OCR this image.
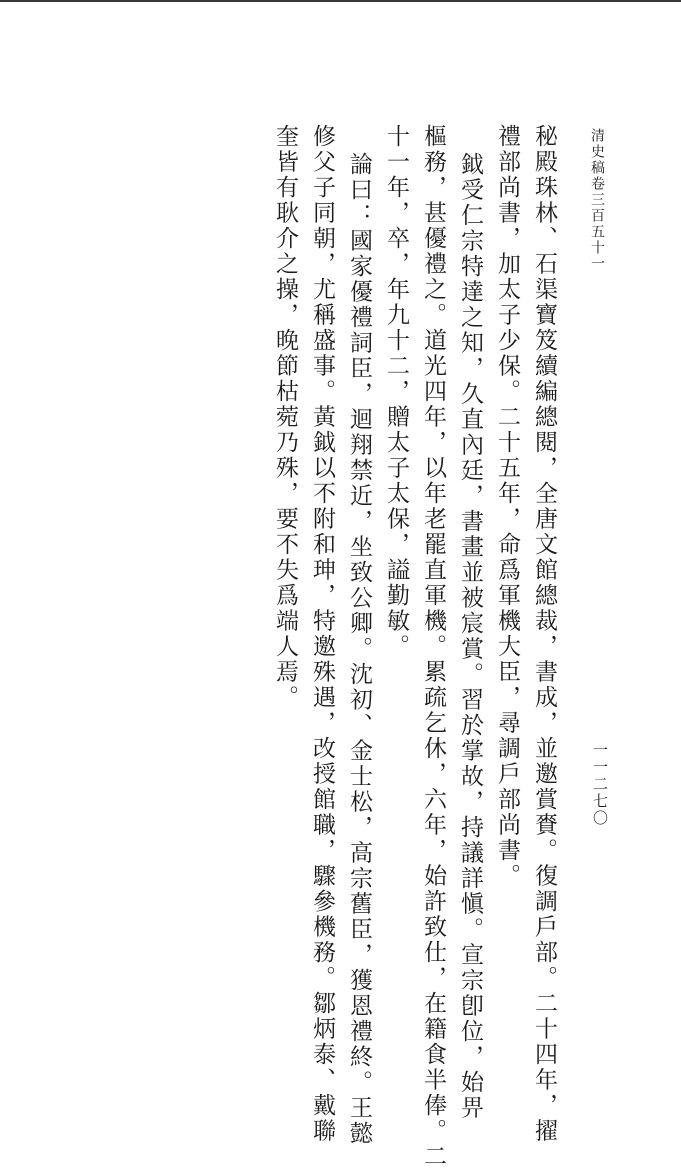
清史稿卷三百五十一
一一二七〇
秘殿珠林、石渠寶笈續編總閱，全唐文館總裁，書成，並邀賞賚。復調戶部。二十四年，擢
禮部尚書，加太子少保。二十五年，命爲軍機大臣，尋調戶部尚書。
鉞受仁宗特達之知，久直內廷，書畫並被宸賞。習於掌故，持議詳愼。宣宗卽位，始畀
樞務，甚優禮之。道光四年，以年老罷直軍機。累疏乞休，六年，始許致仕，在籍食半俸。二
十一年，卒，年九十二，贈太子太保，謚勤敏。
論曰：國家優禮詞臣，迴翔禁近，坐致公卿。沈初、金士松，高宗舊臣，獲恩禮終。王懿
修父子同朝，尤稱盛事。黃鉞以不附和珅，特邀殊遇，改授館職，驟參機務。鄒炳泰、戴聯
奎皆有耿介之操，晚節枯菀乃殊，要不失爲端人焉。
